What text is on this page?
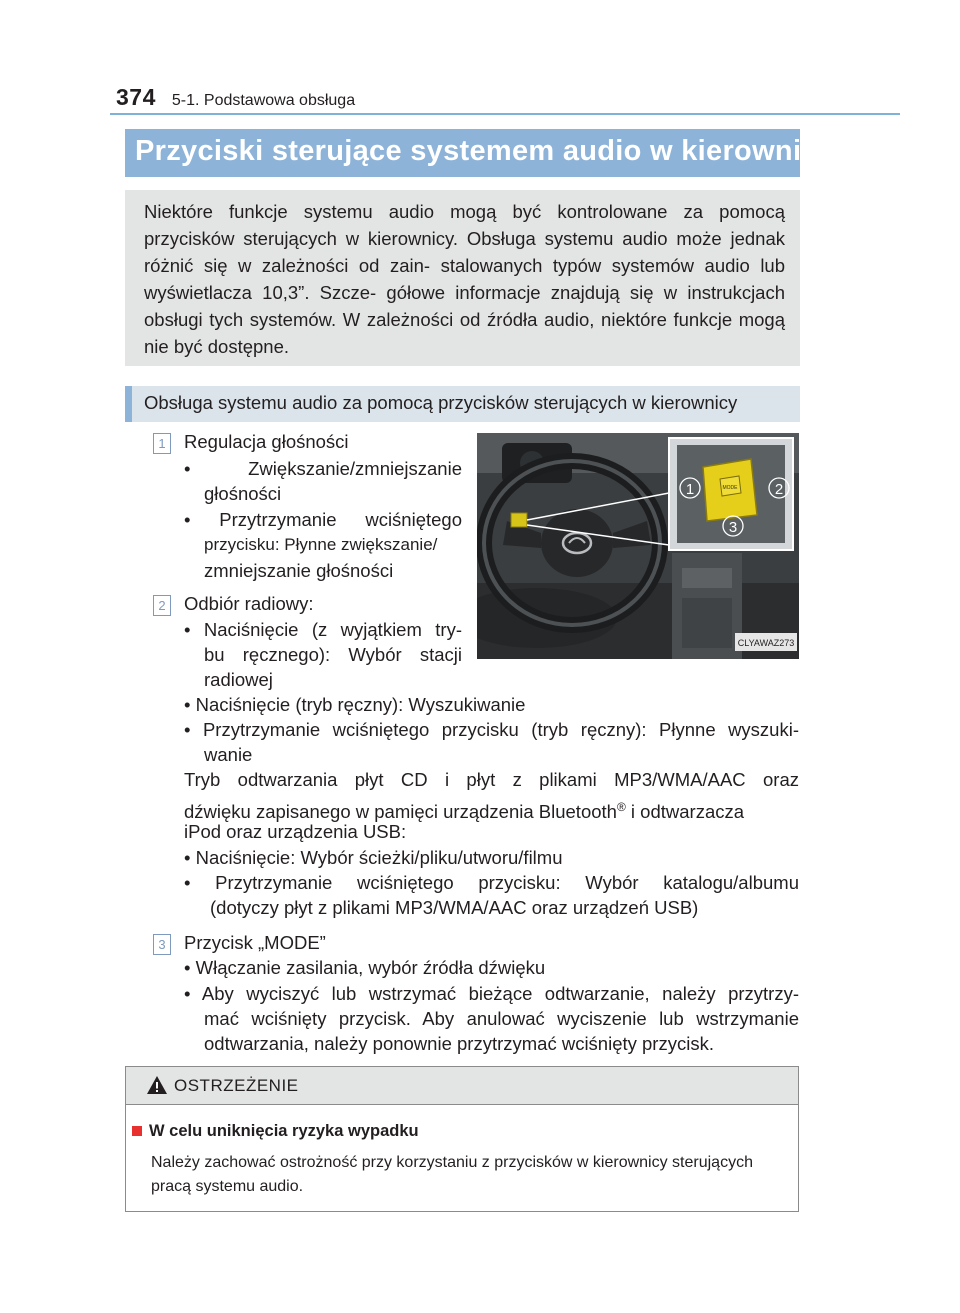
374 5-1. Podstawowa obsługa
Przyciski sterujące systemem audio w kierownicy

Niektóre funkcje systemu audio mogą być kontrolowane za pomocą przycisków sterujących w kierownicy. Obsługa systemu audio może jednak różnić się w zależności od zain- stalowanych typów systemów audio lub wyświetlacza 10,3”. Szcze- gółowe informacje znajdują się w instrukcjach obsługi tych systemów. W zależności od źródła audio, niektóre funkcje mogą nie być dostępne.

Obsługa systemu audio za pomocą przycisków sterujących w kierownicy
1 Regulacja głośności
• Zwiększanie/zmniejszanie
głośności
• Przytrzymanie wciśniętego
przycisku: Płynne zwiększanie/
zmniejszanie głośności
2 Odbiór radiowy:
• Naciśnięcie (z wyjątkiem try-
bu ręcznego): Wybór stacji
radiowej
• Naciśnięcie (tryb ręczny): Wyszukiwanie
• Przytrzymanie wciśniętego przycisku (tryb ręczny): Płynne wyszuki-
wanie
Tryb odtwarzania płyt CD i płyt z plikami MP3/WMA/AAC oraz
dźwięku zapisanego w pamięci urządzenia Bluetooth® i odtwarzacza
iPod oraz urządzenia USB:
• Naciśnięcie: Wybór ścieżki/pliku/utworu/filmu
• Przytrzymanie wciśniętego przycisku: Wybór katalogu/albumu
(dotyczy płyt z plikami MP3/WMA/AAC oraz urządzeń USB)
3 Przycisk „MODE”
• Włączanie zasilania, wybór źródła dźwięku
• Aby wyciszyć lub wstrzymać bieżące odtwarzanie, należy przytrzy-
mać wciśnięty przycisk. Aby anulować wyciszenie lub wstrzymanie
odtwarzania, należy ponownie przytrzymać wciśnięty przycisk.
MODE
1	2
3
CLYAWAZ273
OSTRZEŻENIE
W celu uniknięcia ryzyka wypadku
Należy zachować ostrożność przy korzystaniu z przycisków w kierownicy sterujących pracą systemu audio.
